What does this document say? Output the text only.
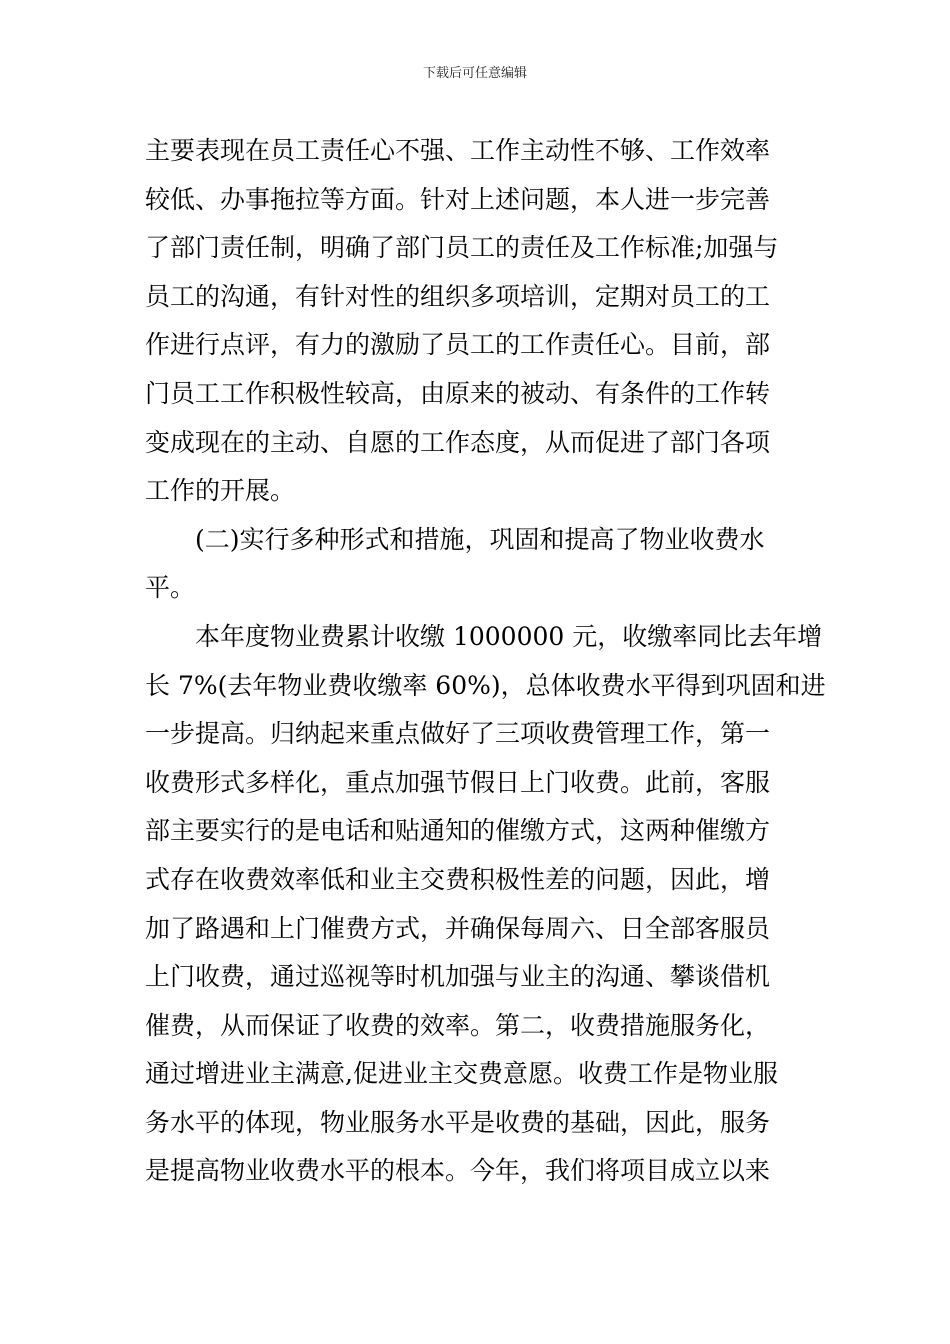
下载后可任意编辑
主要表现在员工责任心不强、工作主动性不够、工作效率
较低、办事拖拉等方面。针对上述问题，本人进一步完善
了部门责任制，明确了部门员工的责任及工作标准;加强与
员工的沟通，有针对性的组织多项培训，定期对员工的工
作进行点评，有力的激励了员工的工作责任心。目前，部
门员工工作积极性较高，由原来的被动、有条件的工作转
变成现在的主动、自愿的工作态度，从而促进了部门各项
工作的开展。
(二)实行多种形式和措施，巩固和提高了物业收费水
平。
本年度物业费累计收缴 1000000 元，收缴率同比去年增
长 7%(去年物业费收缴率 60%)，总体收费水平得到巩固和进
一步提高。归纳起来重点做好了三项收费管理工作，第一
收费形式多样化，重点加强节假日上门收费。此前，客服
部主要实行的是电话和贴通知的催缴方式，这两种催缴方
式存在收费效率低和业主交费积极性差的问题，因此，增
加了路遇和上门催费方式，并确保每周六、日全部客服员
上门收费，通过巡视等时机加强与业主的沟通、攀谈借机
催费，从而保证了收费的效率。第二，收费措施服务化，
通过增进业主满意,促进业主交费意愿。收费工作是物业服
务水平的体现，物业服务水平是收费的基础，因此，服务
是提高物业收费水平的根本。今年，我们将项目成立以来
